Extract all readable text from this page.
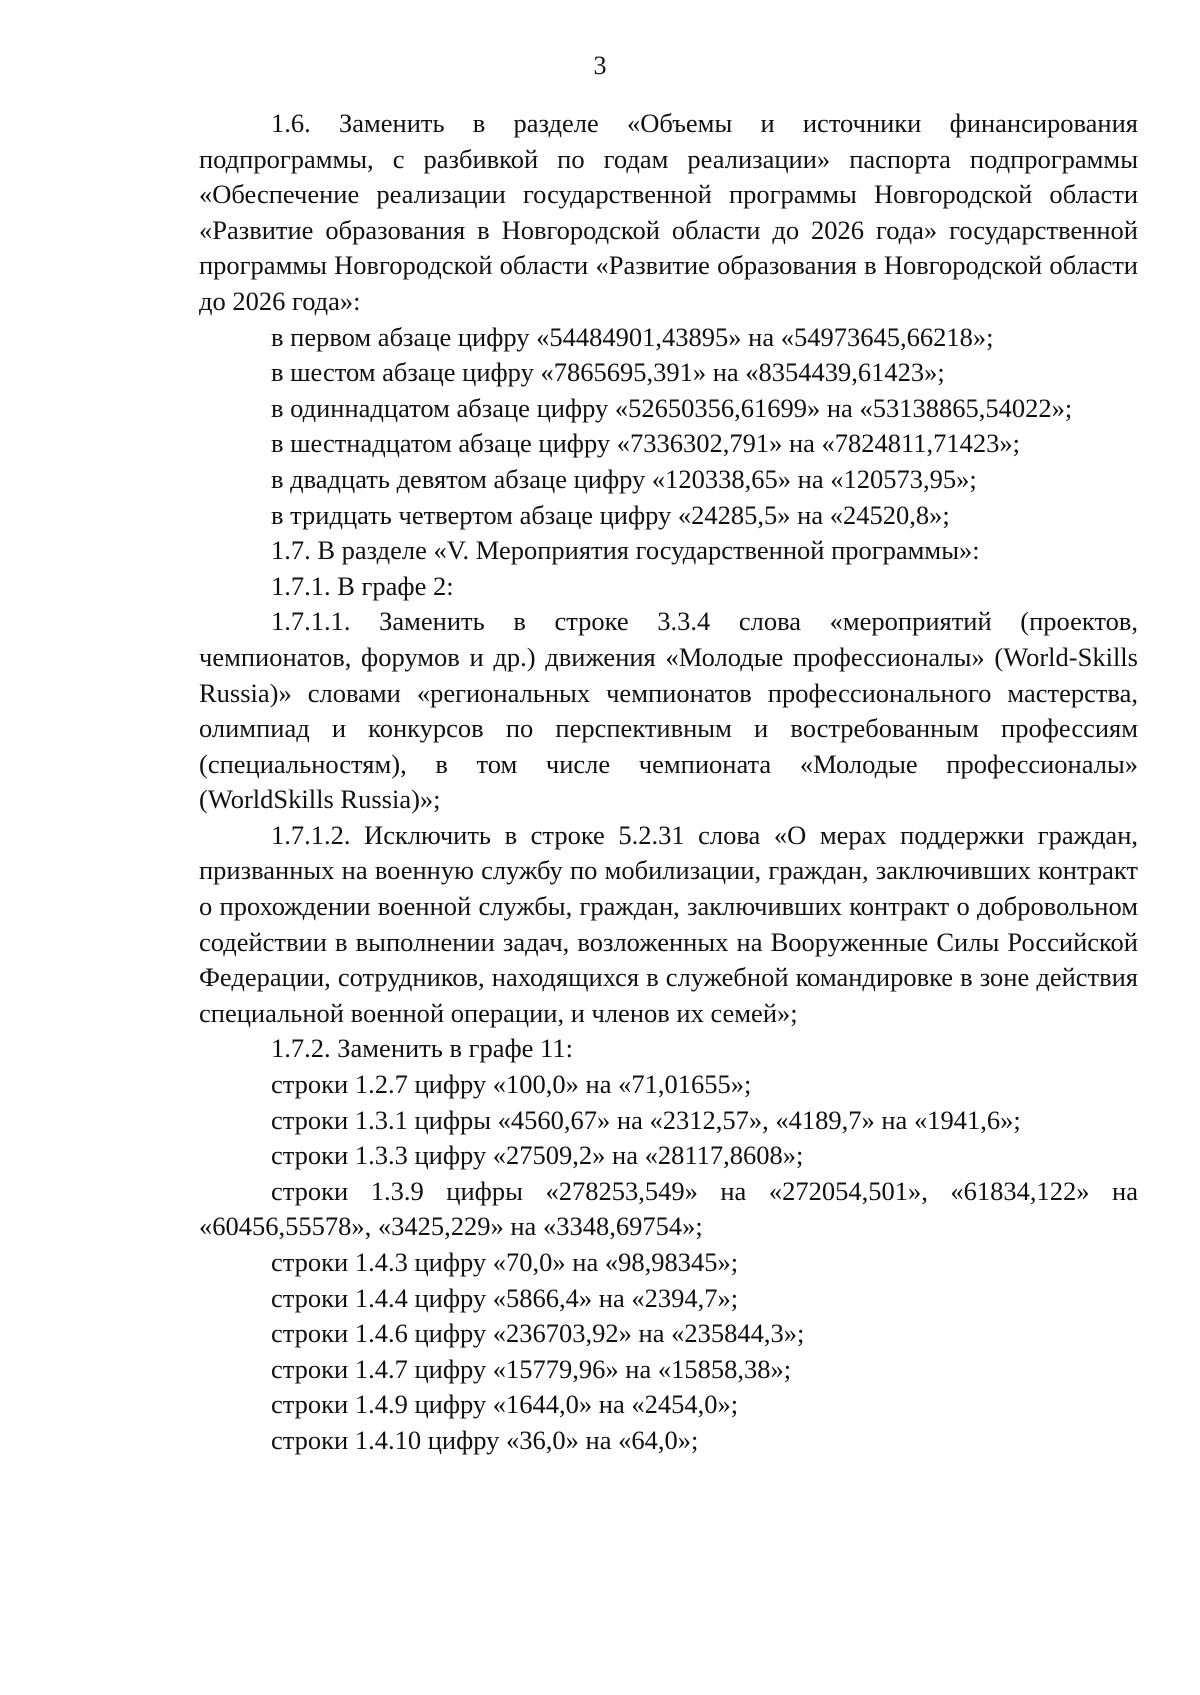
3

1.6. Заменить в разделе «Объемы и источники финансирования подпрограммы, с разбивкой по годам реализации» паспорта подпрограммы «Обеспечение реализации государственной программы Новгородской области «Развитие образования в Новгородской области до 2026 года» государственной программы Новгородской области «Развитие образования в Новгородской области до 2026 года»:

в первом абзаце цифру «54484901,43895» на «54973645,66218»;

в шестом абзаце цифру «7865695,391» на «8354439,61423»;

в одиннадцатом абзаце цифру «52650356,61699» на «53138865,54022»;

в шестнадцатом абзаце цифру «7336302,791» на «7824811,71423»;

в двадцать девятом абзаце цифру «120338,65» на «120573,95»;

в тридцать четвертом абзаце цифру «24285,5» на «24520,8»;

1.7. В разделе «V. Мероприятия государственной программы»:

1.7.1. В графе 2:

1.7.1.1. Заменить в строке 3.3.4 слова «мероприятий (проектов, чемпионатов, форумов и др.) движения «Молодые профессионалы» (World-Skills Russia)» словами «региональных чемпионатов профессионального мастерства, олимпиад и конкурсов по перспективным и востребованным профессиям (специальностям), в том числе чемпионата «Молодые профессионалы» (WorldSkills Russia)»;

1.7.1.2. Исключить в строке 5.2.31 слова «О мерах поддержки граждан, призванных на военную службу по мобилизации, граждан, заключивших контракт о прохождении военной службы, граждан, заключивших контракт о добровольном содействии в выполнении задач, возложенных на Вооруженные Силы Российской Федерации, сотрудников, находящихся в служебной командировке в зоне действия специальной военной операции, и членов их семей»;

1.7.2. Заменить в графе 11:

строки 1.2.7 цифру «100,0» на «71,01655»;

строки 1.3.1 цифры «4560,67» на «2312,57», «4189,7» на «1941,6»;

строки 1.3.3 цифру «27509,2» на «28117,8608»;

строки 1.3.9 цифры «278253,549» на «272054,501», «61834,122» на «60456,55578», «3425,229» на «3348,69754»;

строки 1.4.3 цифру «70,0» на «98,98345»;

строки 1.4.4 цифру «5866,4» на «2394,7»;

строки 1.4.6 цифру «236703,92» на «235844,3»;

строки 1.4.7 цифру «15779,96» на «15858,38»;

строки 1.4.9 цифру «1644,0» на «2454,0»;

строки 1.4.10 цифру «36,0» на «64,0»;
